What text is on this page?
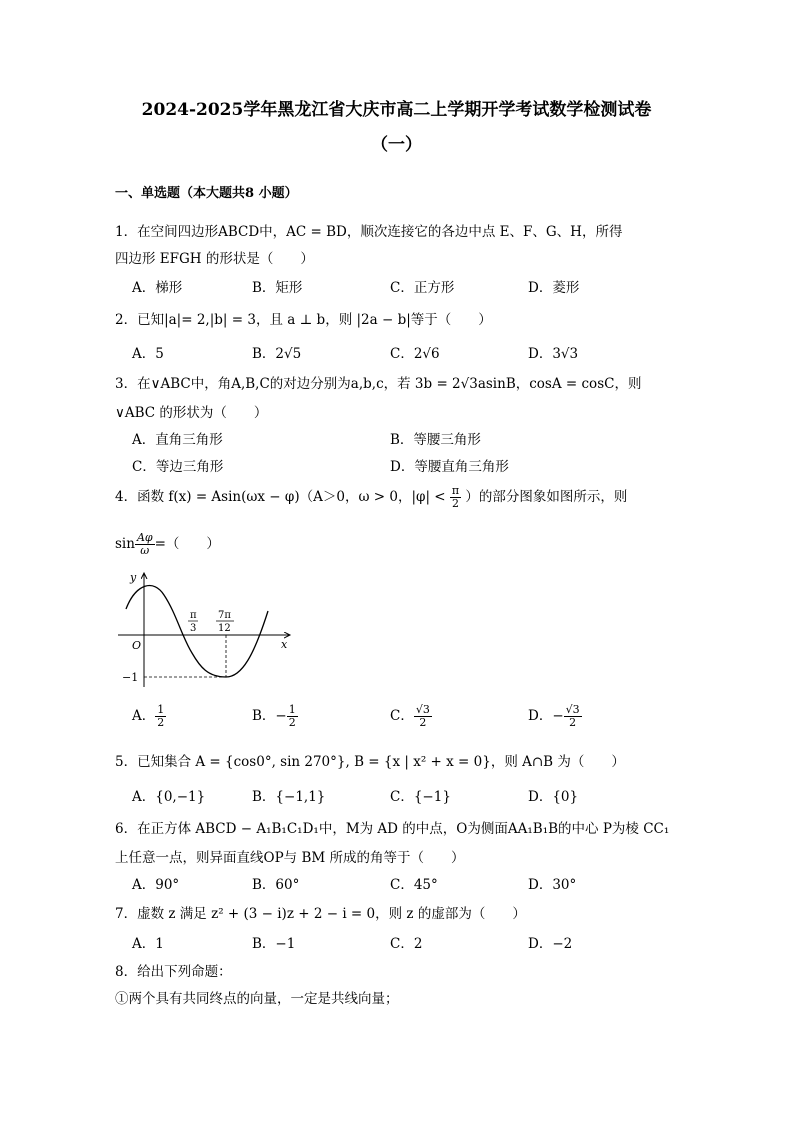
2024-2025学年黑龙江省大庆市高二上学期开学考试数学检测试卷
（一）
一、单选题（本大题共8 小题）
1．在空间四边形ABCD中，AC = BD，顺次连接它的各边中点 E、F、G、H，所得
四边形 EFGH 的形状是（　　）
A．梯形	B．矩形	C．正方形	D．菱形
2．已知|a|= 2,|b| = 3，且 a ⊥ b，则 |2a − b|等于（　　）
A．5	B．2√5	C．2√6	D．3√3
3．在∨ABC中，角A,B,C的对边分别为a,b,c，若 3b = 2√3asinB，cosA = cosC，则
∨ABC 的形状为（　　）
A．直角三角形	B．等腰三角形
C．等边三角形	D．等腰直角三角形
4．函数 f(x) = Asin(ωx − φ)（A＞0，ω > 0，$|\varphi| < \frac{\pi}{2}$ ）的部分图象如图所示，则
$\sin \frac{A\varphi}{\omega}$ =（　　）
y
x
O
π
3
7π
12
−1
A． $\frac{1}{2}$	B．− $\frac{1}{2}$	C． $\frac{√3}{2}$	D．− $\frac{√3}{2}$
5．已知集合 A = {cos0°, sin 270°}, B = {x | x² + x = 0}，则 A∩B 为（　　）
A．{0,−1}	B．{−1,1}	C．{−1}	D．{0}
6．在正方体 ABCD − A₁B₁C₁D₁中，M为 AD 的中点，O为侧面AA₁B₁B的中心 P为棱 CC₁
上任意一点，则异面直线OP与 BM 所成的角等于（　　）
A．90°	B．60°	C．45°	D．30°
7．虚数 z 满足 z² + (3 − i)z + 2 − i = 0，则 z 的虚部为（　　）
A．1	B．−1	C．2	D．−2
8．给出下列命题：
①两个具有共同终点的向量，一定是共线向量；
